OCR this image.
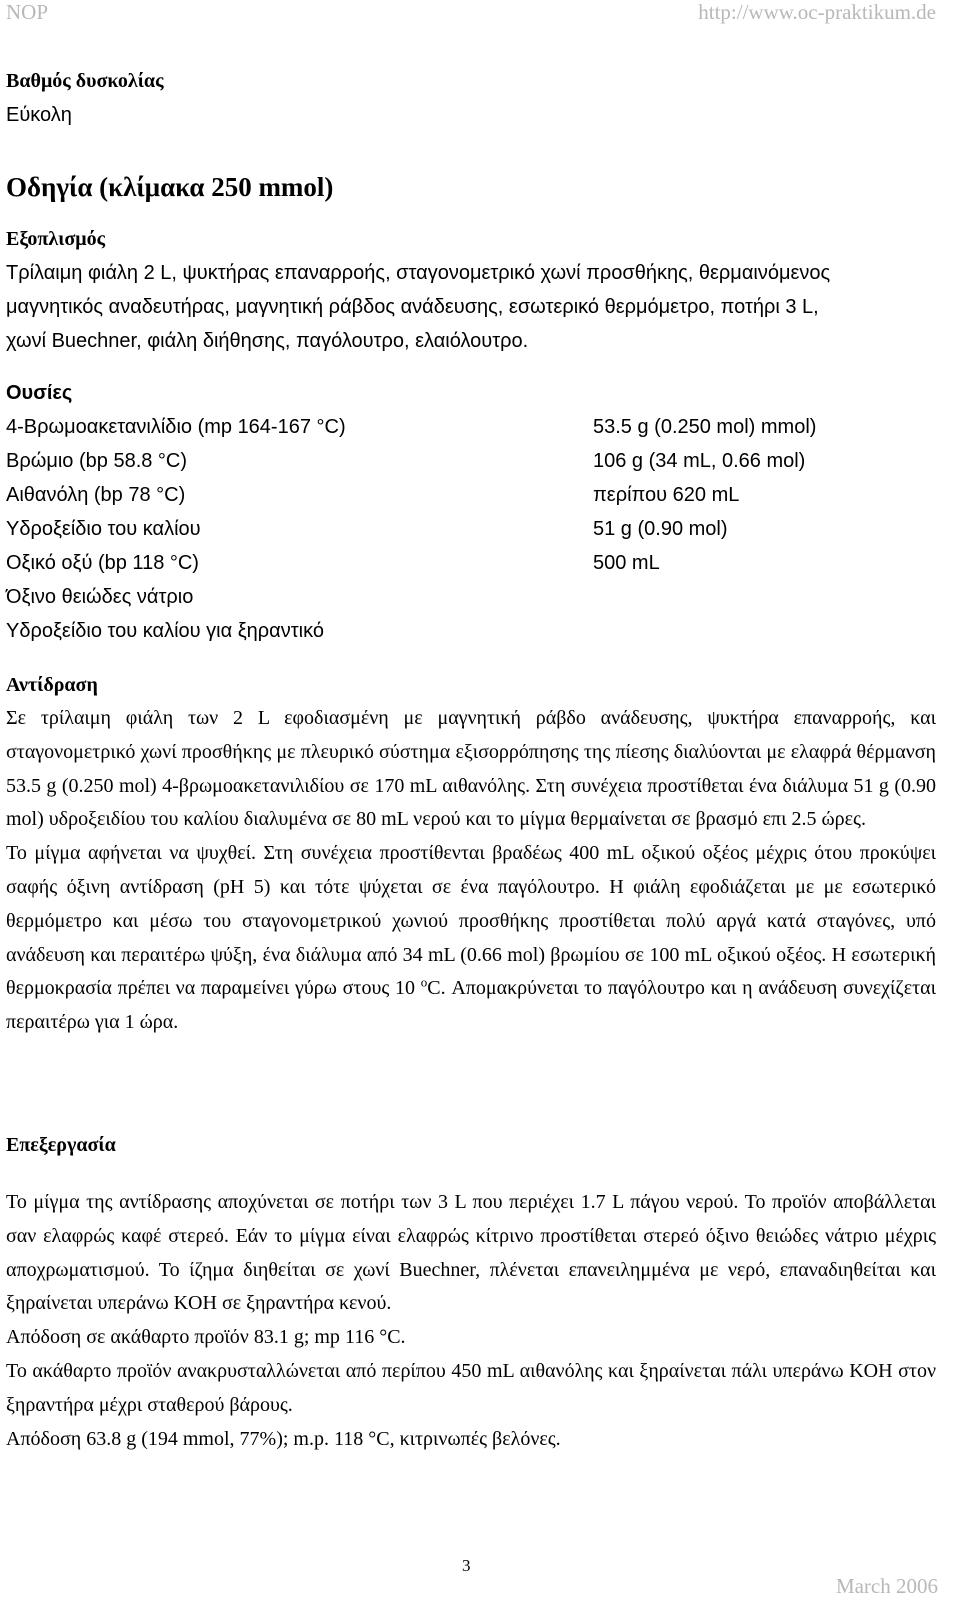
NOP	http://www.oc-praktikum.de
Βαθμός δυσκολίας
Εύκολη
Οδηγία (κλίμακα 250 mmol)
Εξοπλισμός
Τρίλαιμη φιάλη 2 L, ψυκτήρας επαναρροής, σταγονομετρικό χωνί προσθήκης, θερμαινόμενος
μαγνητικός αναδευτήρας, μαγνητική ράβδος ανάδευσης, εσωτερικό θερμόμετρο, ποτήρι 3 L,
χωνί Buechner, φιάλη διήθησης, παγόλουτρο, ελαιόλουτρο.
Ουσίες
4-Βρωμοακετανιλίδιο (mp 164-167 °C)	53.5 g (0.250 mol) mmol)
Βρώμιο (bp 58.8 °C)	106 g (34 mL, 0.66 mol)
Αιθανόλη (bp 78 °C)	περίπου 620 mL
Υδροξείδιο του καλίου	51 g (0.90 mol)
Οξικό οξύ (bp 118 °C)	500 mL
Όξινο θειώδες νάτριο
Υδροξείδιο του καλίου για ξηραντικό
Αντίδραση

Σε τρίλαιμη φιάλη των 2 L εφοδιασμένη με μαγνητική ράβδο ανάδευσης, ψυκτήρα επαναρροής, και σταγονομετρικό χωνί προσθήκης με πλευρικό σύστημα εξισορρόπησης της πίεσης διαλύονται με ελαφρά θέρμανση 53.5 g (0.250 mol) 4-βρωμοακετανιλιδίου σε 170 mL αιθανόλης. Στη συνέχεια προστίθεται ένα διάλυμα 51 g (0.90 mol) υδροξειδίου του καλίου διαλυμένα σε 80 mL νερού και το μίγμα θερμαίνεται σε βρασμό επι 2.5 ώρες.

Το μίγμα αφήνεται να ψυχθεί. Στη συνέχεια προστίθενται βραδέως 400 mL οξικού οξέος μέχρις ότου προκύψει σαφής όξινη αντίδραση (pH 5) και τότε ψύχεται σε ένα παγόλουτρο. Η φιάλη εφοδιάζεται με με εσωτερικό θερμόμετρο και μέσω του σταγονομετρικού χωνιού προσθήκης προστίθεται πολύ αργά κατά σταγόνες, υπό ανάδευση και περαιτέρω ψύξη, ένα διάλυμα από 34 mL (0.66 mol) βρωμίου σε 100 mL οξικού οξέος. Η εσωτερική θερμοκρασία πρέπει να παραμείνει γύρω στους 10 $^o$C. Απομακρύνεται το παγόλουτρο και η ανάδευση συνεχίζεται περαιτέρω για 1 ώρα.

Επεξεργασία

Το μίγμα της αντίδρασης αποχύνεται σε ποτήρι των 3 L που περιέχει 1.7 L πάγου νερού. Το προϊόν αποβάλλεται σαν ελαφρώς καφέ στερεό. Εάν το μίγμα είναι ελαφρώς κίτρινο προστίθεται στερεό όξινο θειώδες νάτριο μέχρις αποχρωματισμού. Το ίζημα διηθείται σε χωνί Buechner, πλένεται επανειλημμένα με νερό, επαναδιηθείται και ξηραίνεται υπεράνω KOH σε ξηραντήρα κενού.

Απόδοση σε ακάθαρτο προϊόν 83.1 g; mp 116 °C.

Το ακάθαρτο προϊόν ανακρυσταλλώνεται από περίπου 450 mL αιθανόλης και ξηραίνεται πάλι υπεράνω KOH στον ξηραντήρα μέχρι σταθερού βάρους.

Απόδοση 63.8 g (194 mmol, 77%); m.p. 118 °C, κιτρινωπές βελόνες.

3
March 2006
